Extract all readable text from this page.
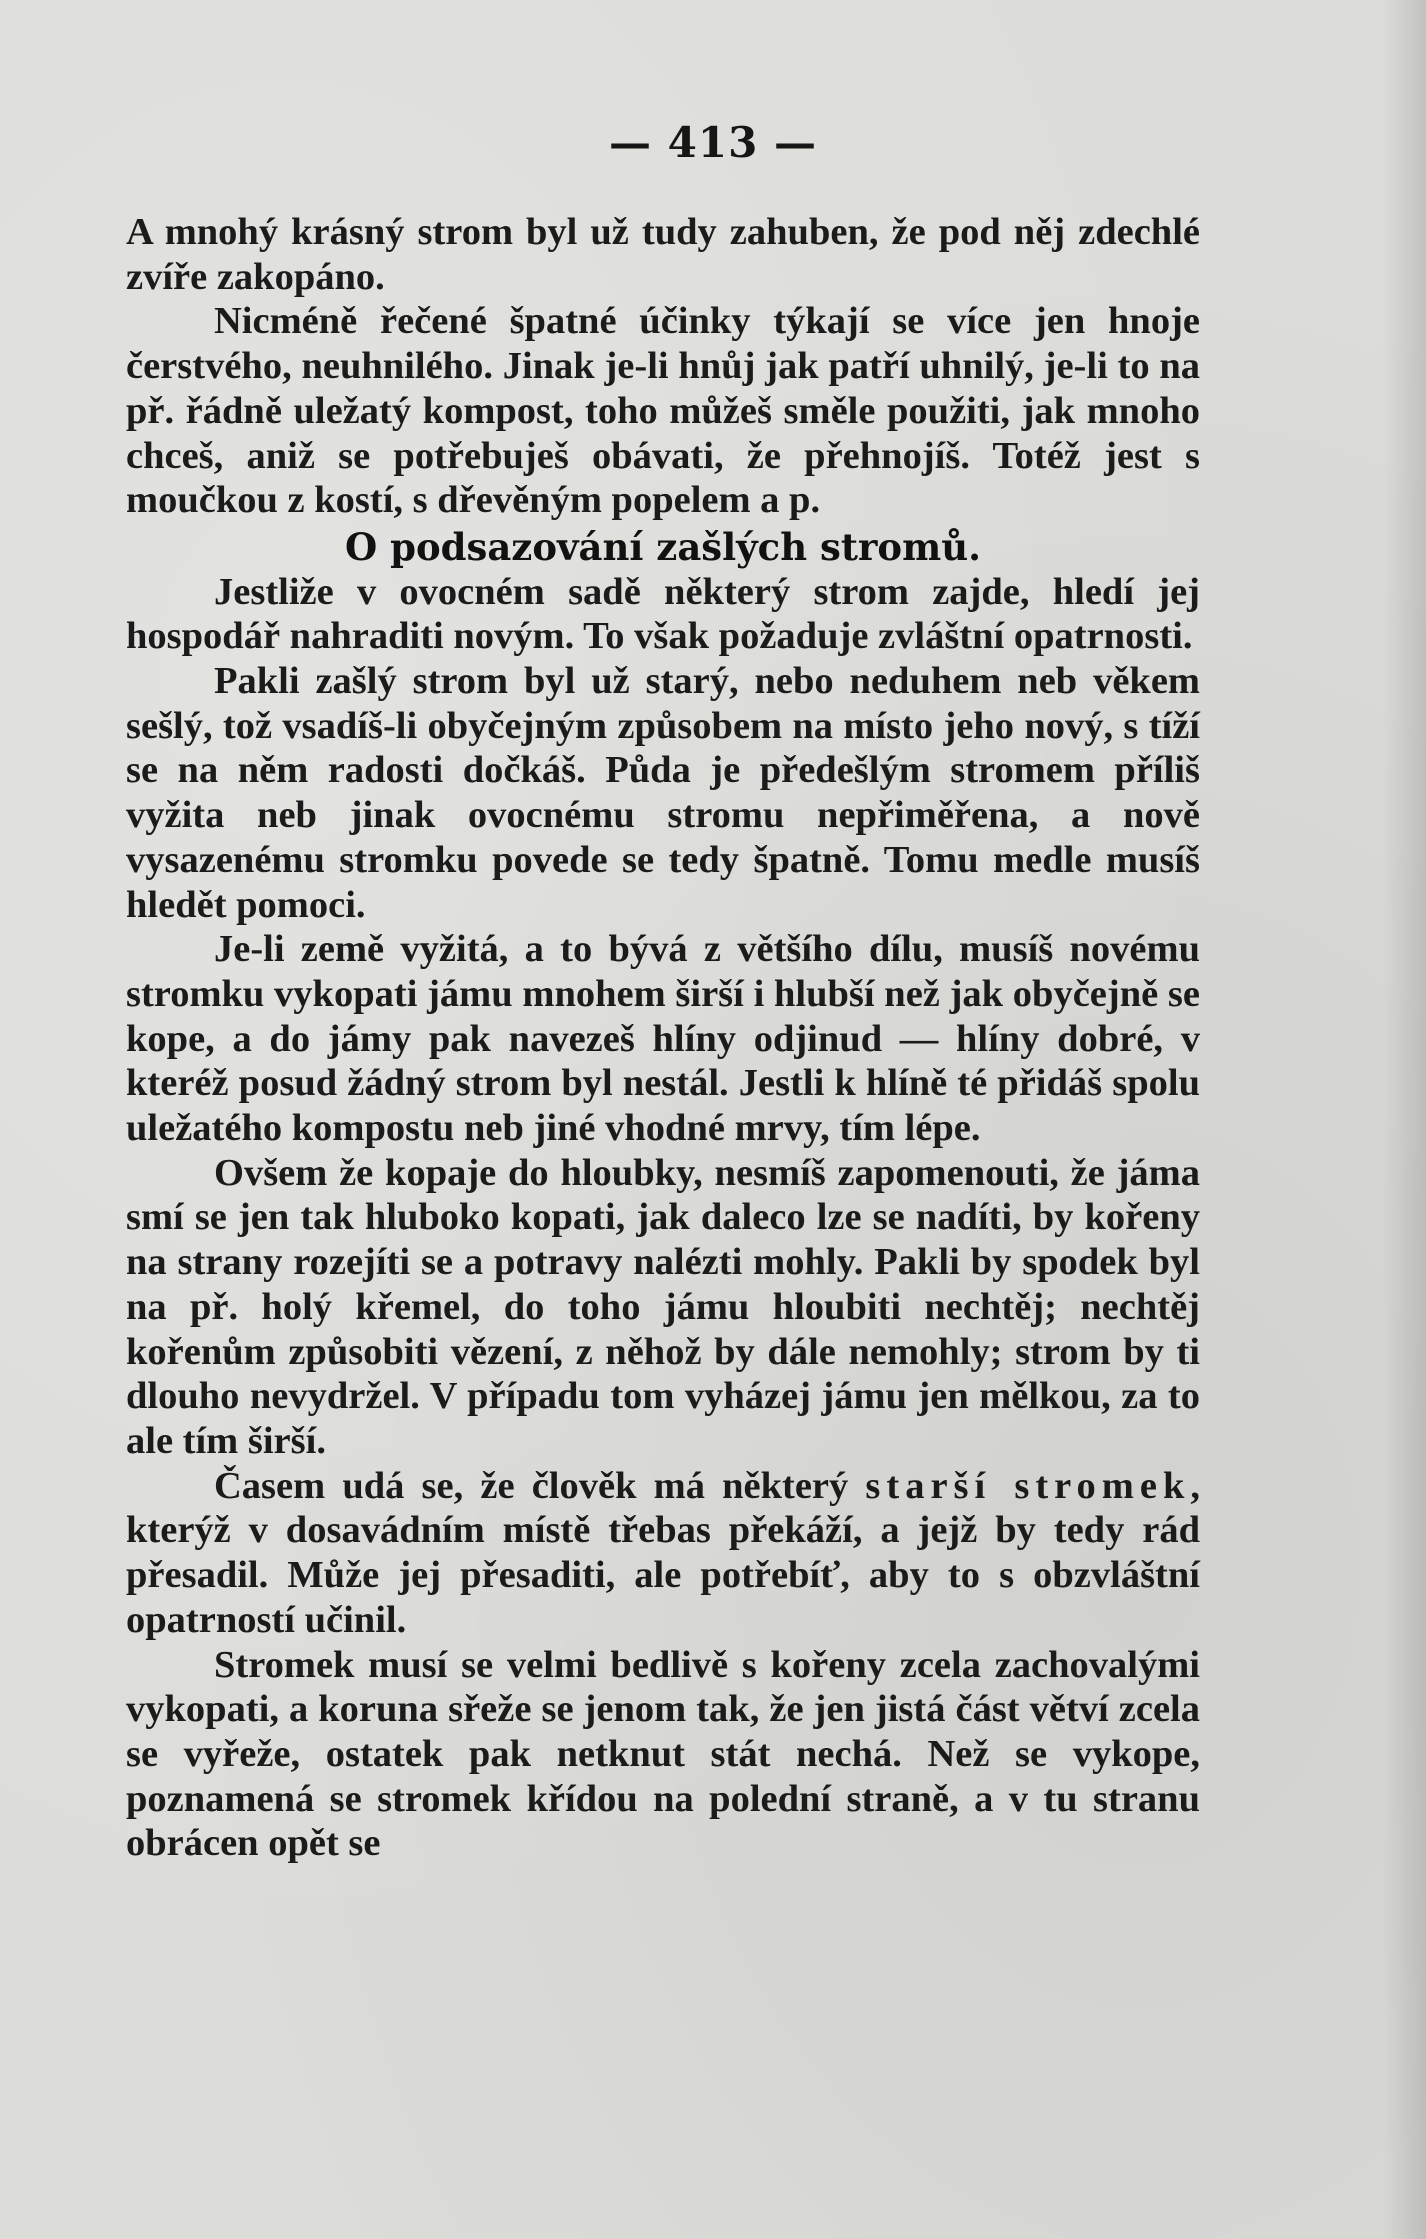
— 413 —

A mnohý krásný strom byl už tudy zahuben, že pod něj zdechlé zvíře zakopáno.

Nicméně řečené špatné účinky týkají se více jen hnoje čerstvého, neuhnilého. Jinak je-li hnůj jak patří uhnilý, je-li to na př. řádně uležatý kompost, toho můžeš směle použiti, jak mnoho chceš, aniž se potřebuješ obávati, že přehnojíš. Totéž jest s moučkou z kostí, s dřevěným popelem a p.

O podsazování zašlých stromů.

Jestliže v ovocném sadě některý strom zajde, hledí jej hospodář nahraditi novým. To však požaduje zvláštní opatrnosti.

Pakli zašlý strom byl už starý, nebo neduhem neb věkem sešlý, tož vsadíš-li obyčejným způsobem na místo jeho nový, s tíží se na něm radosti dočkáš. Půda je předešlým stromem příliš vyžita neb jinak ovocnému stromu nepřiměřena, a nově vysazenému stromku povede se tedy špatně. Tomu medle musíš hledět pomoci.

Je-li země vyžitá, a to bývá z většího dílu, musíš novému stromku vykopati jámu mnohem širší i hlubší než jak obyčejně se kope, a do jámy pak navezeš hlíny odjinud — hlíny dobré, v kteréž posud žádný strom byl nestál. Jestli k hlíně té přidáš spolu uležatého kompostu neb jiné vhodné mrvy, tím lépe.

Ovšem že kopaje do hloubky, nesmíš zapomenouti, že jáma smí se jen tak hluboko kopati, jak daleco lze se nadíti, by kořeny na strany rozejíti se a potravy nalézti mohly. Pakli by spodek byl na př. holý křemel, do toho jámu hloubiti nechtěj; nechtěj kořenům způsobiti vězení, z něhož by dále nemohly; strom by ti dlouho nevydržel. V případu tom vyházej jámu jen mělkou, za to ale tím širší.

Časem udá se, že člověk má některý starší stromek, kterýž v dosavádním místě třebas překáží, a jejž by tedy rád přesadil. Může jej přesaditi, ale potřebíť, aby to s obzvláštní opatrností učinil.

Stromek musí se velmi bedlivě s kořeny zcela zachovalými vykopati, a koruna sřeže se jenom tak, že jen jistá část větví zcela se vyřeže, ostatek pak netknut stát nechá. Než se vykope, poznamená se stromek křídou na polední straně, a v tu stranu obrácen opět se
